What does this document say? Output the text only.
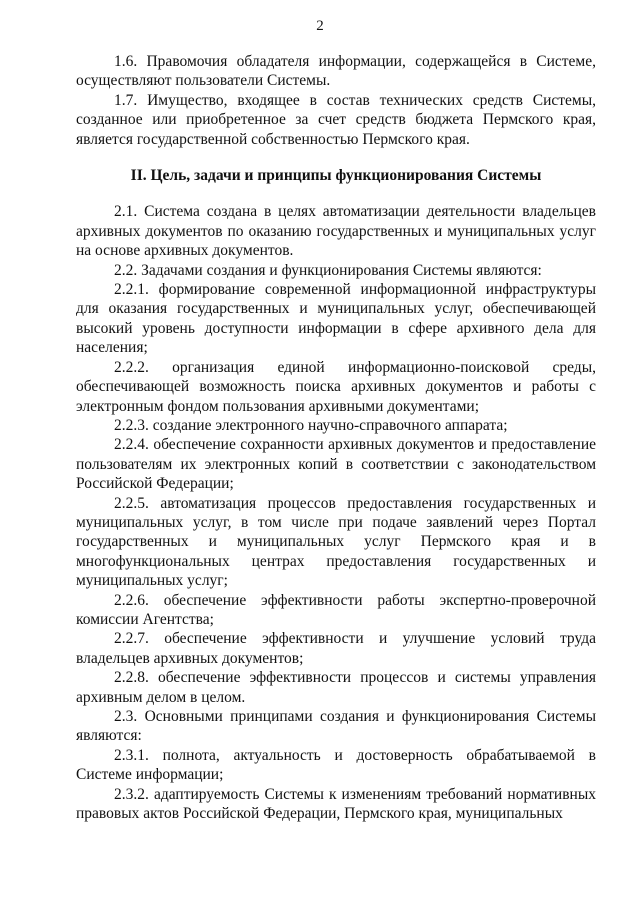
2

1.6. Правомочия обладателя информации, содержащейся в Системе, осуществляют пользователи Системы.

1.7. Имущество, входящее в состав технических средств Системы, созданное или приобретенное за счет средств бюджета Пермского края, является государственной собственностью Пермского края.

II. Цель, задачи и принципы функционирования Системы

2.1. Система создана в целях автоматизации деятельности владельцев архивных документов по оказанию государственных и муниципальных услуг на основе архивных документов.

2.2. Задачами создания и функционирования Системы являются:

2.2.1. формирование современной информационной инфраструктуры для оказания государственных и муниципальных услуг, обеспечивающей высокий уровень доступности информации в сфере архивного дела для населения;

2.2.2. организация единой информационно-поисковой среды, обеспечивающей возможность поиска архивных документов и работы с электронным фондом пользования архивными документами;

2.2.3. создание электронного научно-справочного аппарата;

2.2.4. обеспечение сохранности архивных документов и предоставление пользователям их электронных копий в соответствии с законодательством Российской Федерации;

2.2.5. автоматизация процессов предоставления государственных и муниципальных услуг, в том числе при подаче заявлений через Портал государственных и муниципальных услуг Пермского края и в многофункциональных центрах предоставления государственных и муниципальных услуг;

2.2.6. обеспечение эффективности работы экспертно-проверочной комиссии Агентства;

2.2.7. обеспечение эффективности и улучшение условий труда владельцев архивных документов;

2.2.8. обеспечение эффективности процессов и системы управления архивным делом в целом.

2.3. Основными принципами создания и функционирования Системы являются:

2.3.1. полнота, актуальность и достоверность обрабатываемой в Системе информации;

2.3.2. адаптируемость Системы к изменениям требований нормативных правовых актов Российской Федерации, Пермского края, муниципальных
